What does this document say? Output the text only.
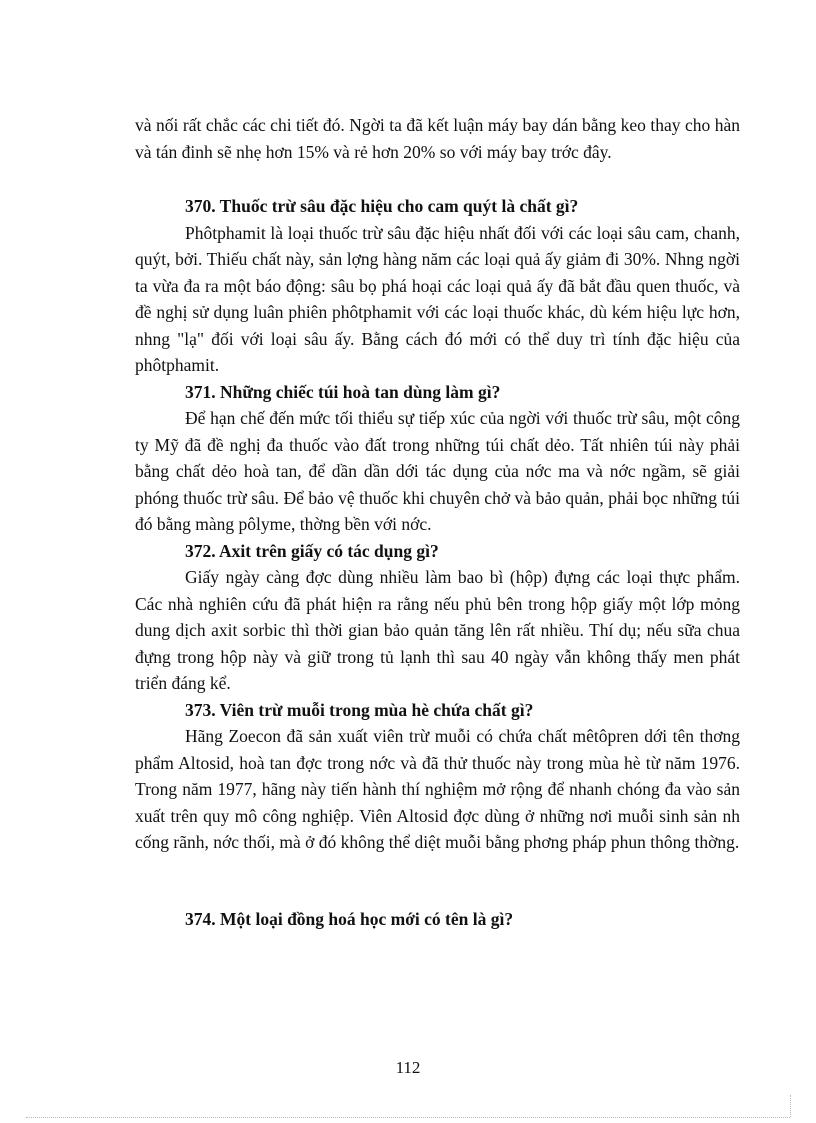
và nối rất chắc các chi tiết đó. Ngời ta đã kết luận máy bay dán bằng keo thay cho hàn và tán đinh sẽ nhẹ hơn 15% và rẻ hơn 20% so với máy bay trớc đây.

370. Thuốc trừ sâu đặc hiệu cho cam quýt là chất gì?

Phôtphamit là loại thuốc trừ sâu đặc hiệu nhất đối với các loại sâu cam, chanh, quýt, bởi. Thiếu chất này, sản lợng hàng năm các loại quả ấy giảm đi 30%. Nhng ngời ta vừa đa ra một báo động: sâu bọ phá hoại các loại quả ấy đã bắt đầu quen thuốc, và đề nghị sử dụng luân phiên phôtphamit với các loại thuốc khác, dù kém hiệu lực hơn, nhng "lạ" đối với loại sâu ấy. Bằng cách đó mới có thể duy trì tính đặc hiệu của phôtphamit.

371. Những chiếc túi hoà tan dùng làm gì?

Để hạn chế đến mức tối thiểu sự tiếp xúc của ngời với thuốc trừ sâu, một công ty Mỹ đã đề nghị đa thuốc vào đất trong những túi chất dẻo. Tất nhiên túi này phải bằng chất dẻo hoà tan, để dần dần dới tác dụng của nớc ma và nớc ngầm, sẽ giải phóng thuốc trừ sâu. Để bảo vệ thuốc khi chuyên chở và bảo quản, phải bọc những túi đó bằng màng pôlyme, thờng bền với nớc.

372. Axit trên giấy có tác dụng gì?

Giấy ngày càng đợc dùng nhiều làm bao bì (hộp) đựng các loại thực phẩm. Các nhà nghiên cứu đã phát hiện ra rằng nếu phủ bên trong hộp giấy một lớp mỏng dung dịch axit sorbic thì thời gian bảo quản tăng lên rất nhiều. Thí dụ; nếu sữa chua đựng trong hộp này và giữ trong tủ lạnh thì sau 40 ngày vẫn không thấy men phát triển đáng kể.

373. Viên trừ muỗi trong mùa hè chứa chất gì?

Hãng Zoecon đã sản xuất viên trừ muỗi có chứa chất mêtôpren dới tên thơng phẩm Altosid, hoà tan đợc trong nớc và đã thử thuốc này trong mùa hè từ năm 1976. Trong năm 1977, hãng này tiến hành thí nghiệm mở rộng để nhanh chóng đa vào sản xuất trên quy mô công nghiệp. Viên Altosid đợc dùng ở những nơi muỗi sinh sản nh cống rãnh, nớc thối, mà ở đó không thể diệt muỗi bằng phơng pháp phun thông thờng.

374. Một loại đồng hoá học mới có tên là gì?

112
